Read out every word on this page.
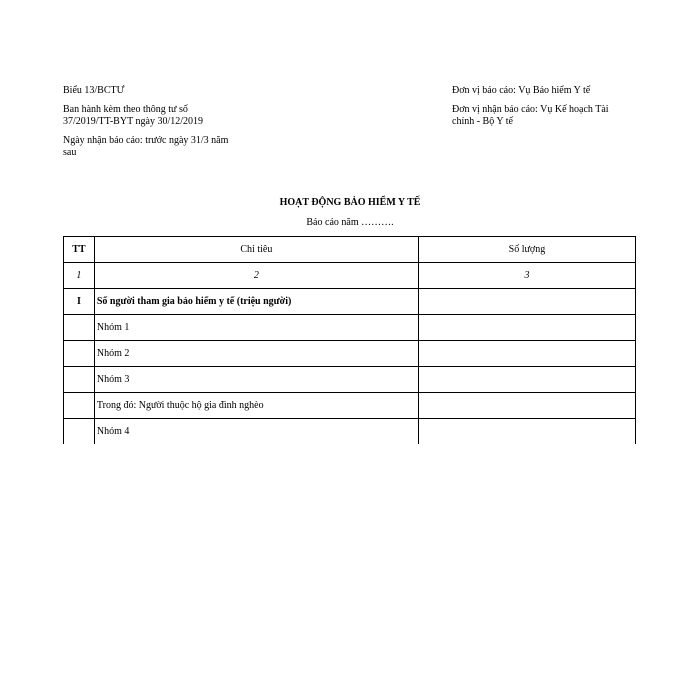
Biểu 13/BCTƯ
Ban hành kèm theo thông tư số
37/2019/TT-BYT ngày 30/12/2019
Ngày nhận báo cáo: trước ngày 31/3 năm
sau
Đơn vị báo cáo: Vụ Bảo hiểm Y tế
Đơn vị nhận báo cáo: Vụ Kế hoạch Tài
chính - Bộ Y tế
HOẠT ĐỘNG BẢO HIỂM Y TẾ
Báo cáo năm ……….
TT	Chỉ tiêu	Số lượng
1	2	3
I	Số người tham gia bảo hiểm y tế (triệu người)	
	Nhóm 1	
	Nhóm 2	
	Nhóm 3	
	Trong đó: Người thuộc hộ gia đình nghèo	
	Nhóm 4	
